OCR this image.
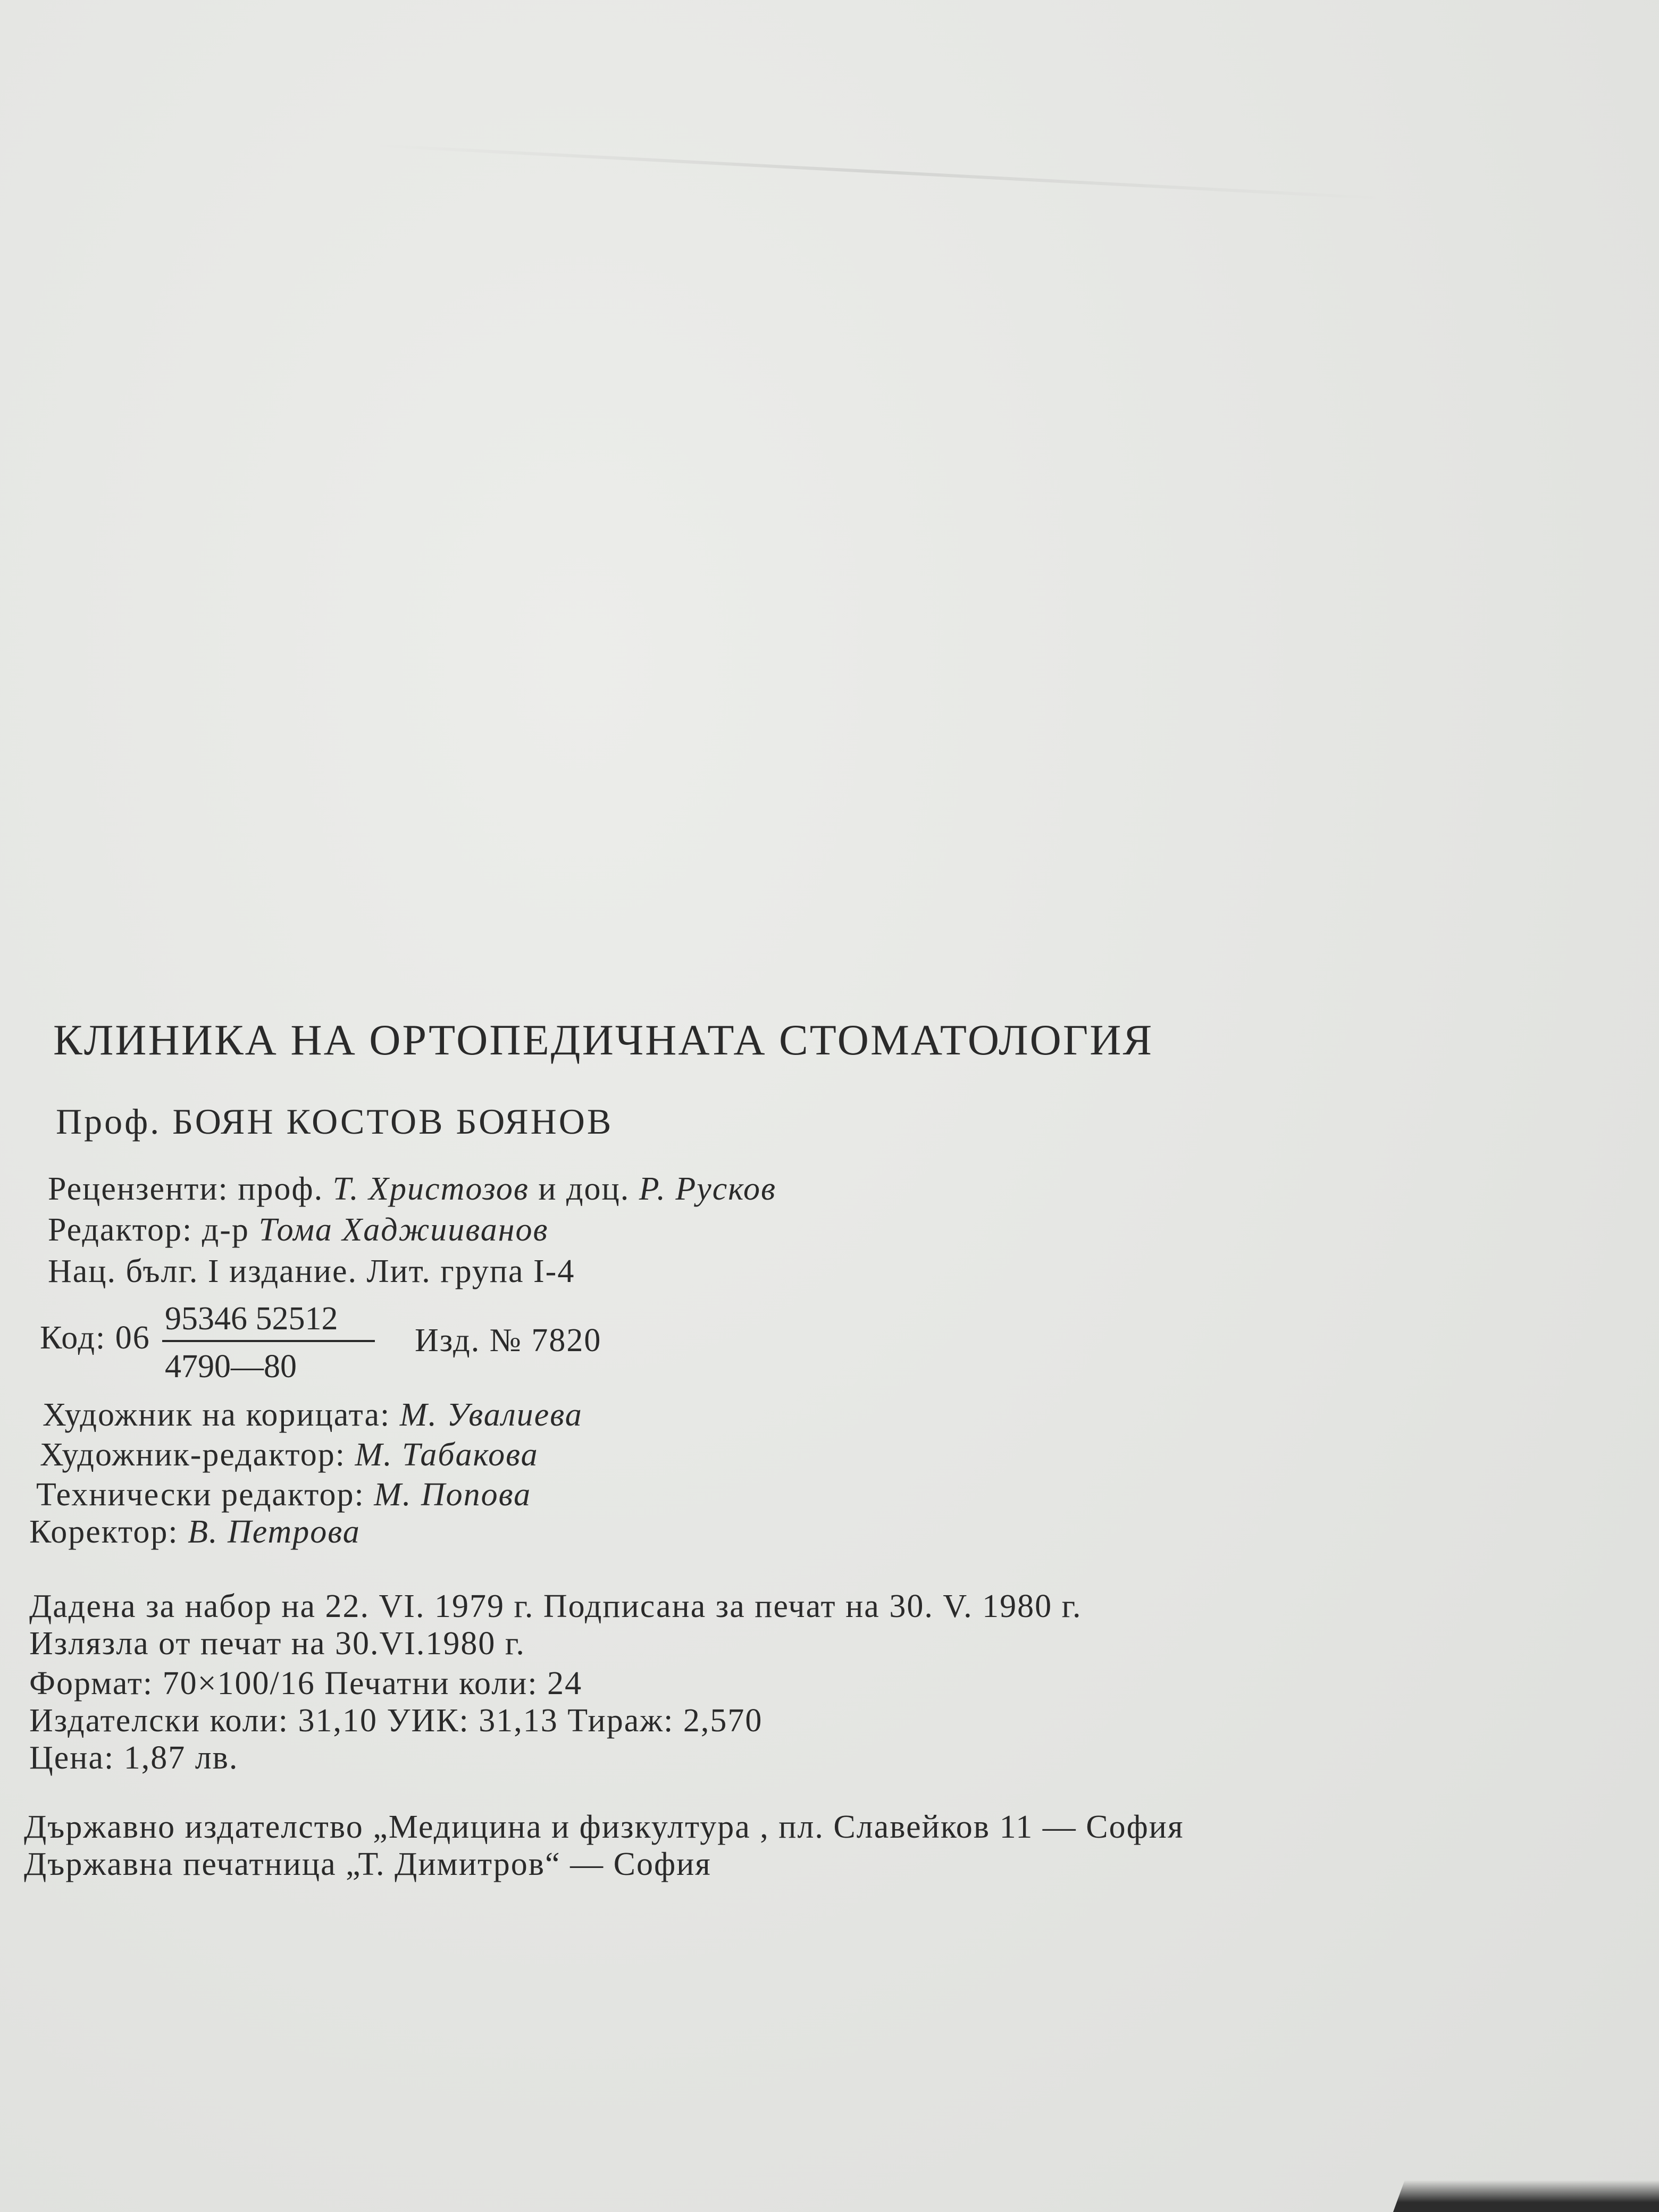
КЛИНИКА НА ОРТОПЕДИЧНАТА СТОМАТОЛОГИЯ
Проф. БОЯН КОСТОВ БОЯНОВ
Рецензенти: проф. Т. Христозов и доц. Р. Русков
Редактор: д-р Тома Хаджииванов
Нац. бълг. I издание. Лит. група I-4
Код: 06
95346 52512
4790—80
Изд. № 7820
Художник на корицата: М. Увалиева
Художник-редактор: М. Табакова
Технически редактор: М. Попова
Коректор: В. Петрова
Дадена за набор на 22. VI. 1979 г. Подписана за печат на 30. V. 1980 г.
Излязла от печат на 30.VI.1980 г.
Формат: 70×100/16 Печатни коли: 24
Издателски коли: 31,10 УИК: 31,13 Тираж: 2,570
Цена: 1,87 лв.
Държавно издателство „Медицина и физкултура , пл. Славейков 11 — София
Държавна печатница „Т. Димитров“ — София
